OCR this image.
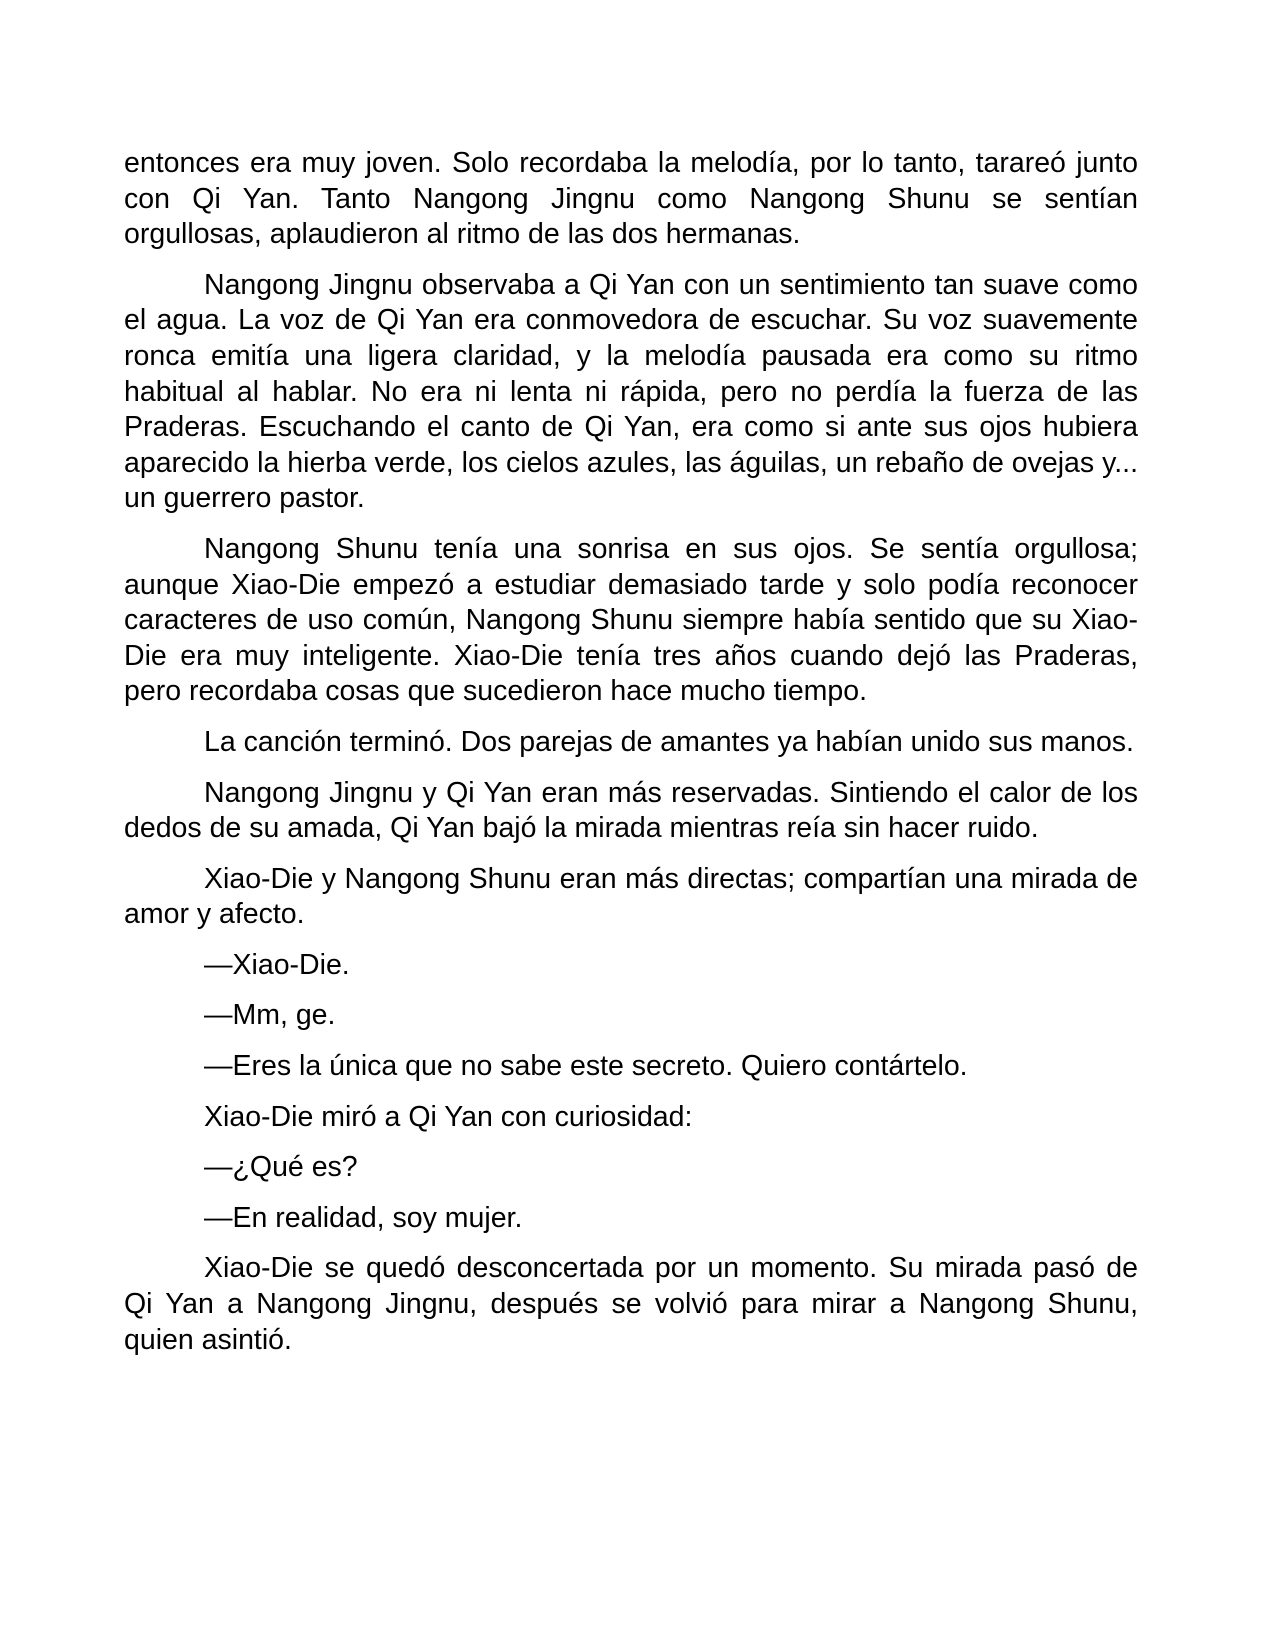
entonces era muy joven. Solo recordaba la melodía, por lo tanto, tarareó junto con Qi Yan. Tanto Nangong Jingnu como Nangong Shunu se sentían orgullosas, aplaudieron al ritmo de las dos hermanas.

Nangong Jingnu observaba a Qi Yan con un sentimiento tan suave como el agua. La voz de Qi Yan era conmovedora de escuchar. Su voz suavemente ronca emitía una ligera claridad, y la melodía pausada era como su ritmo habitual al hablar. No era ni lenta ni rápida, pero no perdía la fuerza de las Praderas. Escuchando el canto de Qi Yan, era como si ante sus ojos hubiera aparecido la hierba verde, los cielos azules, las águilas, un rebaño de ovejas y... un guerrero pastor.

Nangong Shunu tenía una sonrisa en sus ojos. Se sentía orgullosa; aunque Xiao-Die empezó a estudiar demasiado tarde y solo podía reconocer caracteres de uso común, Nangong Shunu siempre había sentido que su Xiao-Die era muy inteligente. Xiao-Die tenía tres años cuando dejó las Praderas, pero recordaba cosas que sucedieron hace mucho tiempo.

La canción terminó. Dos parejas de amantes ya habían unido sus manos.

Nangong Jingnu y Qi Yan eran más reservadas. Sintiendo el calor de los dedos de su amada, Qi Yan bajó la mirada mientras reía sin hacer ruido.

Xiao-Die y Nangong Shunu eran más directas; compartían una mirada de amor y afecto.

—Xiao-Die.

—Mm, ge.

—Eres la única que no sabe este secreto. Quiero contártelo.

Xiao-Die miró a Qi Yan con curiosidad:

—¿Qué es?

—En realidad, soy mujer.

Xiao-Die se quedó desconcertada por un momento. Su mirada pasó de Qi Yan a Nangong Jingnu, después se volvió para mirar a Nangong Shunu, quien asintió.
